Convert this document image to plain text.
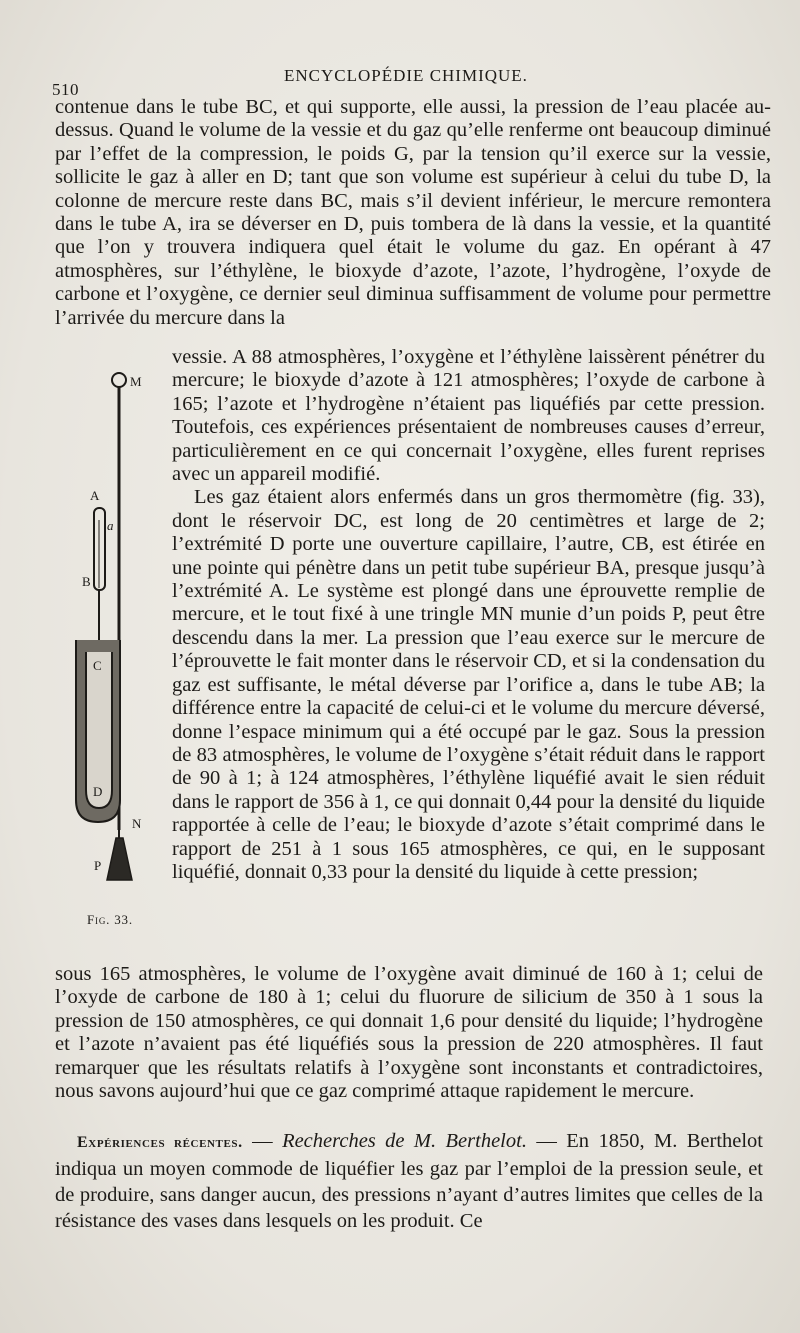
510
ENCYCLOPÉDIE CHIMIQUE.
contenue dans le tube BC, et qui supporte, elle aussi, la pression de l’eau placée au-dessus. Quand le volume de la vessie et du gaz qu’elle renferme ont beaucoup diminué par l’effet de la compression, le poids G, par la tension qu’il exerce sur la vessie, sollicite le gaz à aller en D; tant que son volume est supérieur à celui du tube D, la colonne de mercure reste dans BC, mais s’il devient inférieur, le mercure remontera dans le tube A, ira se déverser en D, puis tombera de là dans la vessie, et la quantité que l’on y trouvera indiquera quel était le volume du gaz. En opérant à 47 atmosphères, sur l’éthylène, le bioxyde d’azote, l’azote, l’hydrogène, l’oxyde de carbone et l’oxygène, ce dernier seul diminua suffisamment de volume pour permettre l’arrivée du mercure dans la
vessie. A 88 atmosphères, l’oxygène et l’éthylène laissèrent pénétrer du mercure; le bioxyde d’azote à 121 atmosphères; l’oxyde de carbone à 165; l’azote et l’hydrogène n’étaient pas liquéfiés par cette pression. Toutefois, ces expériences présentaient de nombreuses causes d’erreur, particulièrement en ce qui concernait l’oxygène, elles furent reprises avec un appareil modifié.
Les gaz étaient alors enfermés dans un gros thermomètre (fig. 33), dont le réservoir DC, est long de 20 centimètres et large de 2; l’extrémité D porte une ouverture capillaire, l’autre, CB, est étirée en une pointe qui pénètre dans un petit tube supérieur BA, presque jusqu’à l’extrémité A. Le système est plongé dans une éprouvette remplie de mercure, et le tout fixé à une tringle MN munie d’un poids P, peut être descendu dans la mer. La pression que l’eau exerce sur le mercure de l’éprouvette le fait monter dans le réservoir CD, et si la condensation du gaz est suffisante, le métal déverse par l’orifice a, dans le tube AB; la différence entre la capacité de celui-ci et le volume du mercure déversé, donne l’espace minimum qui a été occupé par le gaz. Sous la pression de 83 atmosphères, le volume de l’oxygène s’était réduit dans le rapport de 90 à 1; à 124 atmosphères, l’éthylène liquéfié avait le sien réduit dans le rapport de 356 à 1, ce qui donnait 0,44 pour la densité du liquide rapportée à celle de l’eau; le bioxyde d’azote s’était comprimé dans le rapport de 251 à 1 sous 165 atmosphères, ce qui, en le supposant liquéfié, donnait 0,33 pour la densité du liquide à cette pression;
M
A
a
B
C
D
N
P
Fig. 33.
sous 165 atmosphères, le volume de l’oxygène avait diminué de 160 à 1; celui de l’oxyde de carbone de 180 à 1; celui du fluorure de silicium de 350 à 1 sous la pression de 150 atmosphères, ce qui donnait 1,6 pour densité du liquide; l’hydrogène et l’azote n’avaient pas été liquéfiés sous la pression de 220 atmosphères. Il faut remarquer que les résultats relatifs à l’oxygène sont inconstants et contradictoires, nous savons aujourd’hui que ce gaz comprimé attaque rapidement le mercure.
Expériences récentes. — Recherches de M. Berthelot. — En 1850, M. Berthelot indiqua un moyen commode de liquéfier les gaz par l’emploi de la pression seule, et de produire, sans danger aucun, des pressions n’ayant d’autres limites que celles de la résistance des vases dans lesquels on les produit. Ce
